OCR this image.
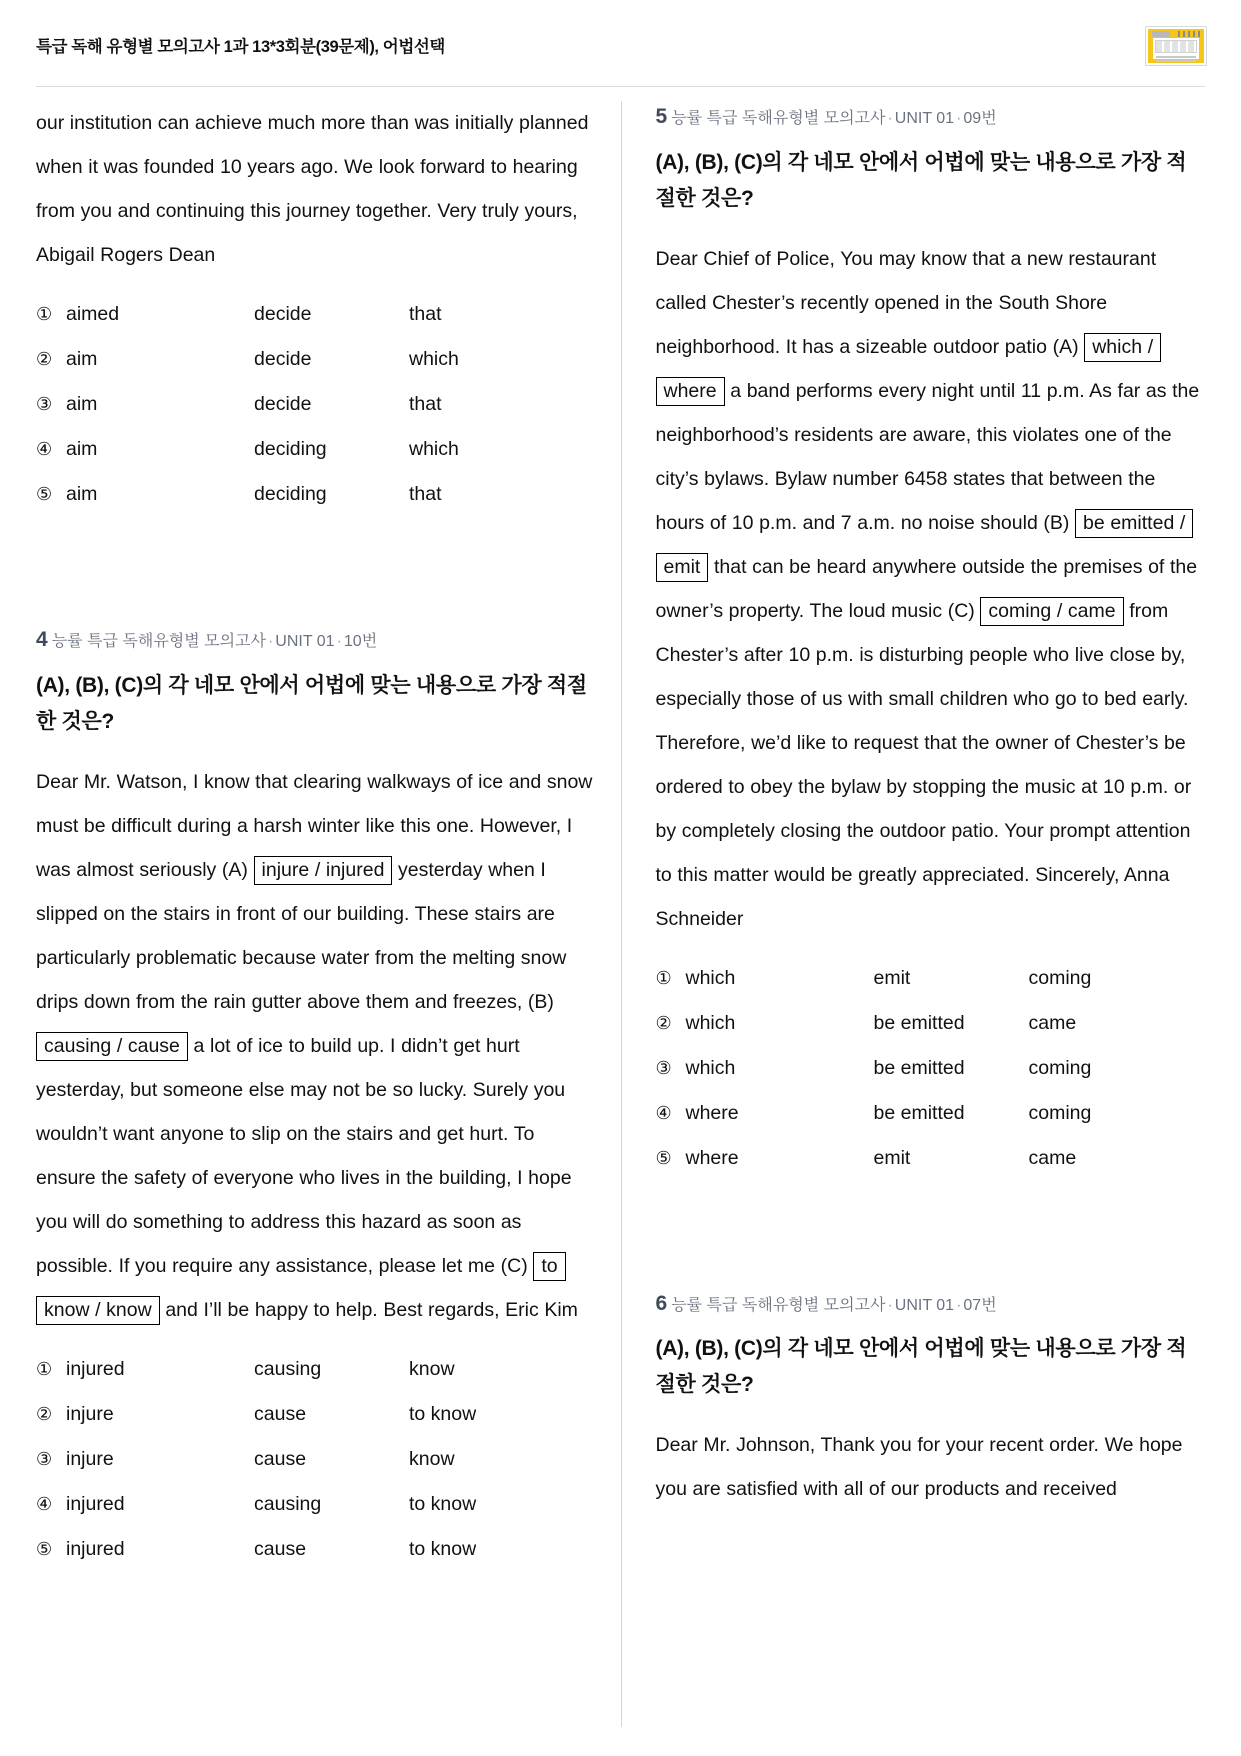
특급 독해 유형별 모의고사 1과 13*3회분(39문제), 어법선택
our institution can achieve much more than was initially planned when it was founded 10 years ago. We look forward to hearing from you and continuing this journey together. Very truly yours, Abigail Rogers Dean
① aimed	decide	that
② aim	decide	which
③ aim	decide	that
④ aim	deciding	which
⑤ aim	deciding	that
4 능률 특급 독해유형별 모의고사 · UNIT 01 · 10번
(A), (B), (C)의 각 네모 안에서 어법에 맞는 내용으로 가장 적절한 것은?
Dear Mr. Watson, I know that clearing walkways of ice and snow must be difficult during a harsh winter like this one. However, I was almost seriously (A) injure / injured yesterday when I slipped on the stairs in front of our building. These stairs are particularly problematic because water from the melting snow drips down from the rain gutter above them and freezes, (B) causing / cause a lot of ice to build up. I didn’t get hurt yesterday, but someone else may not be so lucky. Surely you wouldn’t want anyone to slip on the stairs and get hurt. To ensure the safety of everyone who lives in the building, I hope you will do something to address this hazard as soon as possible. If you require any assistance, please let me (C) to know / know and I’ll be happy to help. Best regards, Eric Kim
① injured	causing	know
② injure	cause	to know
③ injure	cause	know
④ injured	causing	to know
⑤ injured	cause	to know
5 능률 특급 독해유형별 모의고사 · UNIT 01 · 09번
(A), (B), (C)의 각 네모 안에서 어법에 맞는 내용으로 가장 적절한 것은?
Dear Chief of Police, You may know that a new restaurant called Chester’s recently opened in the South Shore neighborhood. It has a sizeable outdoor patio (A) which / where a band performs every night until 11 p.m. As far as the neighborhood’s residents are aware, this violates one of the city’s bylaws. Bylaw number 6458 states that between the hours of 10 p.m. and 7 a.m. no noise should (B) be emitted / emit that can be heard anywhere outside the premises of the owner’s property. The loud music (C) coming / came from Chester’s after 10 p.m. is disturbing people who live close by, especially those of us with small children who go to bed early. Therefore, we’d like to request that the owner of Chester’s be ordered to obey the bylaw by stopping the music at 10 p.m. or by completely closing the outdoor patio. Your prompt attention to this matter would be greatly appreciated. Sincerely, Anna Schneider
① which	emit	coming
② which	be emitted	came
③ which	be emitted	coming
④ where	be emitted	coming
⑤ where	emit	came
6 능률 특급 독해유형별 모의고사 · UNIT 01 · 07번
(A), (B), (C)의 각 네모 안에서 어법에 맞는 내용으로 가장 적절한 것은?
Dear Mr. Johnson, Thank you for your recent order. We hope you are satisfied with all of our products and received
